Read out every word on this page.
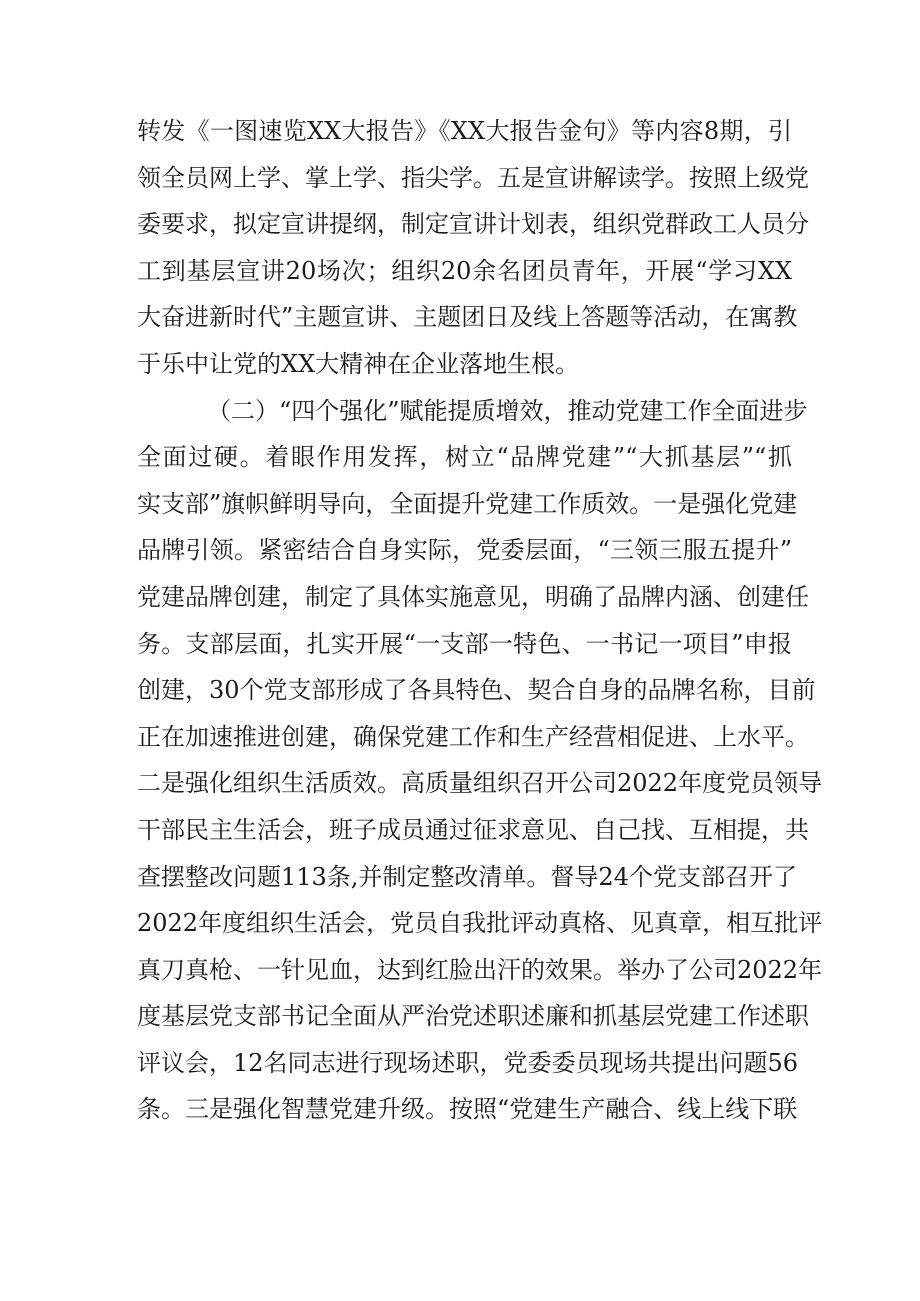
转发《一图速览XX大报告》《XX大报告金句》等内容8期，引
领全员网上学、掌上学、指尖学。五是宣讲解读学。按照上级党
委要求，拟定宣讲提纲，制定宣讲计划表，组织党群政工人员分
工到基层宣讲20场次；组织20余名团员青年，开展“学习XX
大奋进新时代”主题宣讲、主题团日及线上答题等活动，在寓教
于乐中让党的XX大精神在企业落地生根。
（二）“四个强化”赋能提质增效，推动党建工作全面进步
全面过硬。着眼作用发挥，树立“品牌党建”“大抓基层”“抓
实支部”旗帜鲜明导向，全面提升党建工作质效。一是强化党建
品牌引领。紧密结合自身实际，党委层面，“三领三服五提升”
党建品牌创建，制定了具体实施意见，明确了品牌内涵、创建任
务。支部层面，扎实开展“一支部一特色、一书记一项目”申报
创建，30个党支部形成了各具特色、契合自身的品牌名称，目前
正在加速推进创建，确保党建工作和生产经营相促进、上水平。
二是强化组织生活质效。高质量组织召开公司2022年度党员领导
干部民主生活会，班子成员通过征求意见、自己找、互相提，共
查摆整改问题113条,并制定整改清单。督导24个党支部召开了
2022年度组织生活会，党员自我批评动真格、见真章，相互批评
真刀真枪、一针见血，达到红脸出汗的效果。举办了公司2022年
度基层党支部书记全面从严治党述职述廉和抓基层党建工作述职
评议会，12名同志进行现场述职，党委委员现场共提出问题56
条。三是强化智慧党建升级。按照“党建生产融合、线上线下联
